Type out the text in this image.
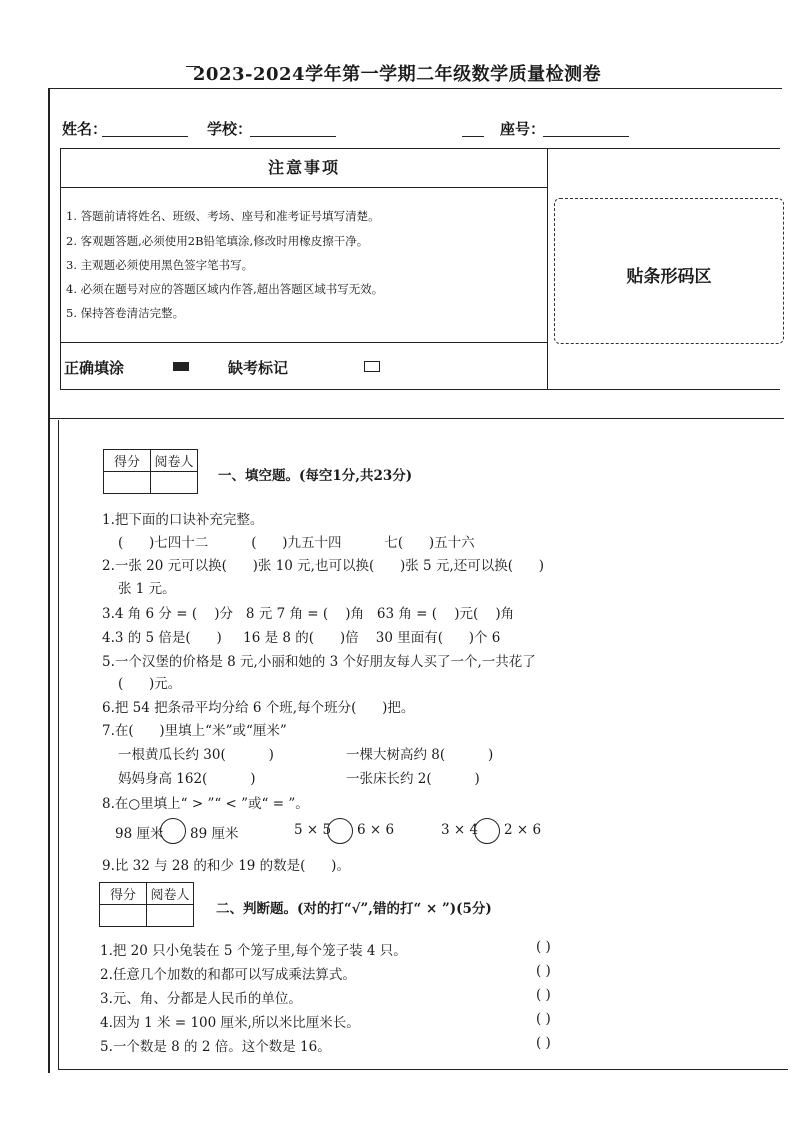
2023-2024学年第一学期二年级数学质量检测卷
姓名：	学校：	座号：
注意事项
1. 答题前请将姓名、班级、考场、座号和准考证号填写清楚。
2. 客观题答题,必须使用2B铅笔填涂,修改时用橡皮擦干净。
3. 主观题必须使用黑色签字笔书写。
4. 必须在题号对应的答题区域内作答,超出答题区域书写无效。
5. 保持答卷清洁完整。
正确填涂	缺考标记
贴条形码区
得分	阅卷人

一、填空题。(每空1分,共23分)
1.把下面的口诀补充完整。
(      )七四十二          (      )九五十四          七(      )五十六
2.一张 20 元可以换(      )张 10 元,也可以换(      )张 5 元,还可以换(      )
张 1 元。
3.4 角 6 分 = (    )分   8 元 7 角 = (    )角   63 角 = (    )元(    )角
4.3 的 5 倍是(      )     16 是 8 的(      )倍    30 里面有(      )个 6
5.一个汉堡的价格是 8 元,小丽和她的 3 个好朋友每人买了一个,一共花了
(      )元。
6.把 54 把条帚平均分给 6 个班,每个班分(      )把。
7.在(      )里填上“米”或“厘米”
一根黄瓜长约 30(          )	一棵大树高约 8(          )
妈妈身高 162(          )	一张床长约 2(          )
8.在○里填上“ > ”“ < ”或“ = ”。
98 厘米 89 厘米	5 × 5 6 × 6	3 × 4 2 × 6
9.比 32 与 28 的和少 19 的数是(      )。
得分	阅卷人

二、判断题。(对的打“√”,错的打“ × ”)(5分)
1.把 20 只小兔装在 5 个笼子里,每个笼子装 4 只。	( )
2.任意几个加数的和都可以写成乘法算式。	( )
3.元、角、分都是人民币的单位。	( )
4.因为 1 米 = 100 厘米,所以米比厘米长。	( )
5.一个数是 8 的 2 倍。这个数是 16。	( )
